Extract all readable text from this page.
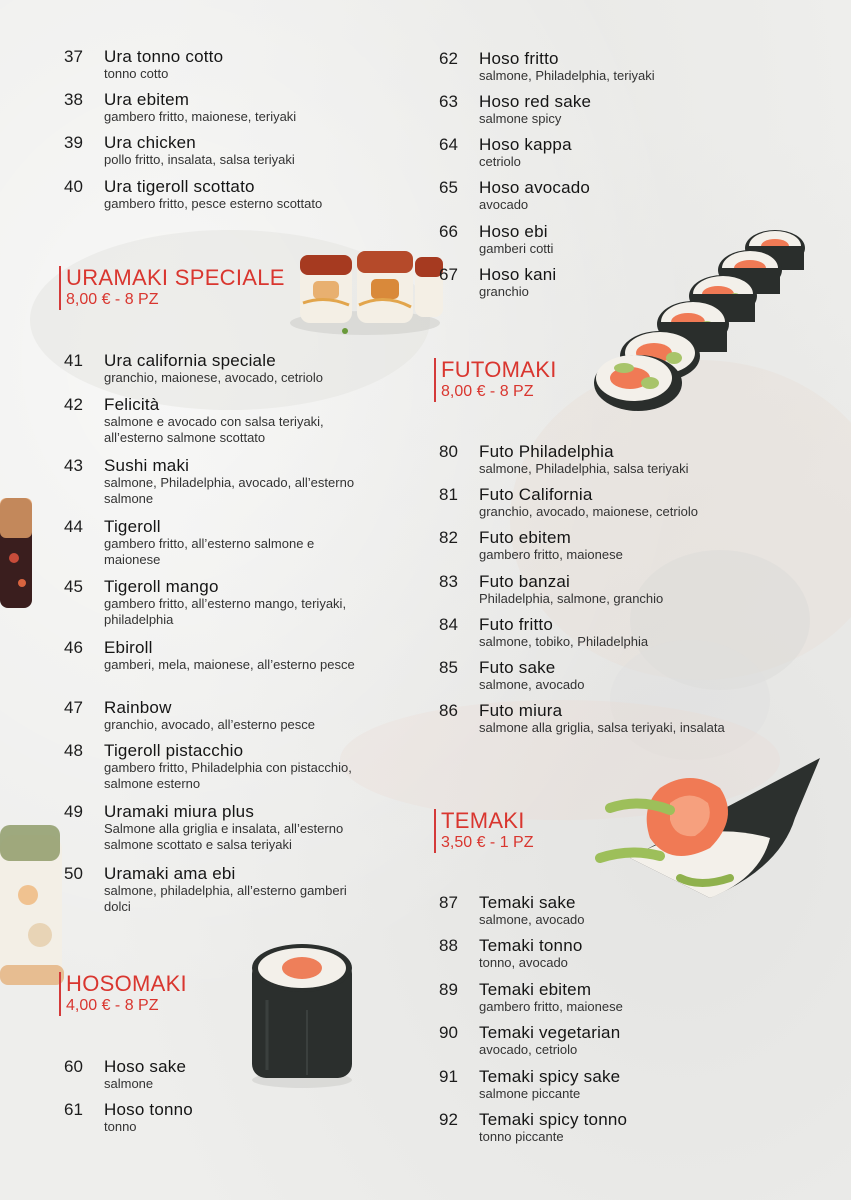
37	Ura tonno cotto
tonno cotto
38	Ura ebitem
gambero fritto, maionese, teriyaki
39	Ura chicken
pollo fritto, insalata, salsa teriyaki
40	Ura tigeroll scottato
gambero fritto, pesce esterno scottato
URAMAKI SPECIALE
8,00 € - 8 PZ
41	Ura california speciale
granchio, maionese, avocado, cetriolo
42	Felicità
salmone e avocado con salsa teriyaki, all’esterno salmone scottato
43	Sushi maki
salmone, Philadelphia, avocado, all’esterno salmone
44	Tigeroll
gambero fritto, all’esterno salmone e maionese
45	Tigeroll mango
gambero fritto, all’esterno mango, teriyaki, philadelphia
46	Ebiroll
gamberi, mela, maionese, all’esterno pesce
47	Rainbow
granchio, avocado, all’esterno pesce
48	Tigeroll pistacchio
gambero fritto, Philadelphia con pistacchio, salmone esterno
49	Uramaki miura plus
Salmone alla griglia e insalata, all’esterno salmone scottato e salsa teriyaki
50	Uramaki ama ebi
salmone, philadelphia, all’esterno gamberi dolci
HOSOMAKI
4,00 € - 8 PZ
60	Hoso sake
salmone
61	Hoso tonno
tonno
62	Hoso fritto
salmone, Philadelphia, teriyaki
63	Hoso red sake
salmone spicy
64	Hoso kappa
cetriolo
65	Hoso avocado
avocado
66	Hoso ebi
gamberi cotti
67	Hoso kani
granchio
FUTOMAKI
8,00 € - 8 PZ
80	Futo Philadelphia
salmone, Philadelphia, salsa teriyaki
81	Futo California
granchio, avocado, maionese, cetriolo
82	Futo ebitem
gambero fritto, maionese
83	Futo banzai
Philadelphia, salmone, granchio
84	Futo fritto
salmone, tobiko, Philadelphia
85	Futo sake
salmone, avocado
86	Futo miura
salmone alla griglia, salsa teriyaki, insalata
TEMAKI
3,50 € - 1 PZ
87	Temaki sake
salmone, avocado
88	Temaki tonno
tonno, avocado
89	Temaki ebitem
gambero fritto, maionese
90	Temaki vegetarian
avocado, cetriolo
91	Temaki spicy sake
salmone piccante
92	Temaki spicy tonno
tonno piccante
